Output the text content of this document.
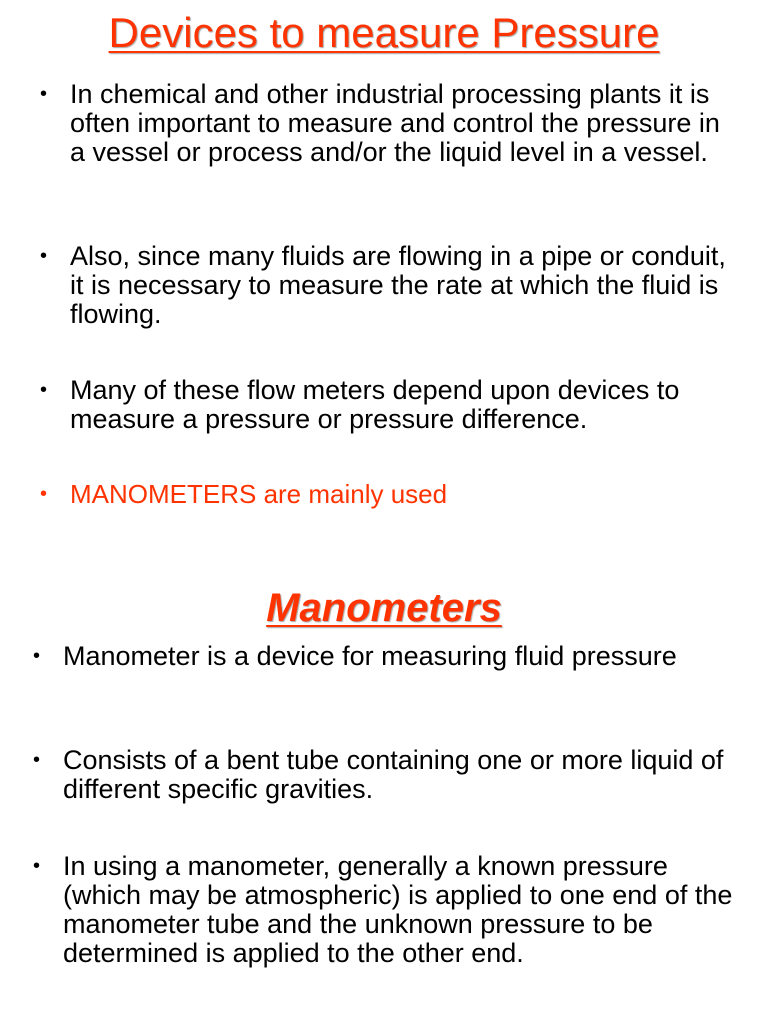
Devices to measure Pressure
• In chemical and other industrial processing plants it is often important to measure and control the pressure in a vessel or process and/or the liquid level in a vessel.
• Also, since many fluids are flowing in a pipe or conduit, it is necessary to measure the rate at which the fluid is flowing.
• Many of these flow meters depend upon devices to measure a pressure or pressure difference.
• MANOMETERS are mainly used
Manometers
• Manometer is a device for measuring fluid pressure
• Consists of a bent tube containing one or more liquid of different specific gravities.
• In using a manometer, generally a known pressure (which may be atmospheric) is applied to one end of the manometer tube and the unknown pressure to be determined is applied to the other end.
